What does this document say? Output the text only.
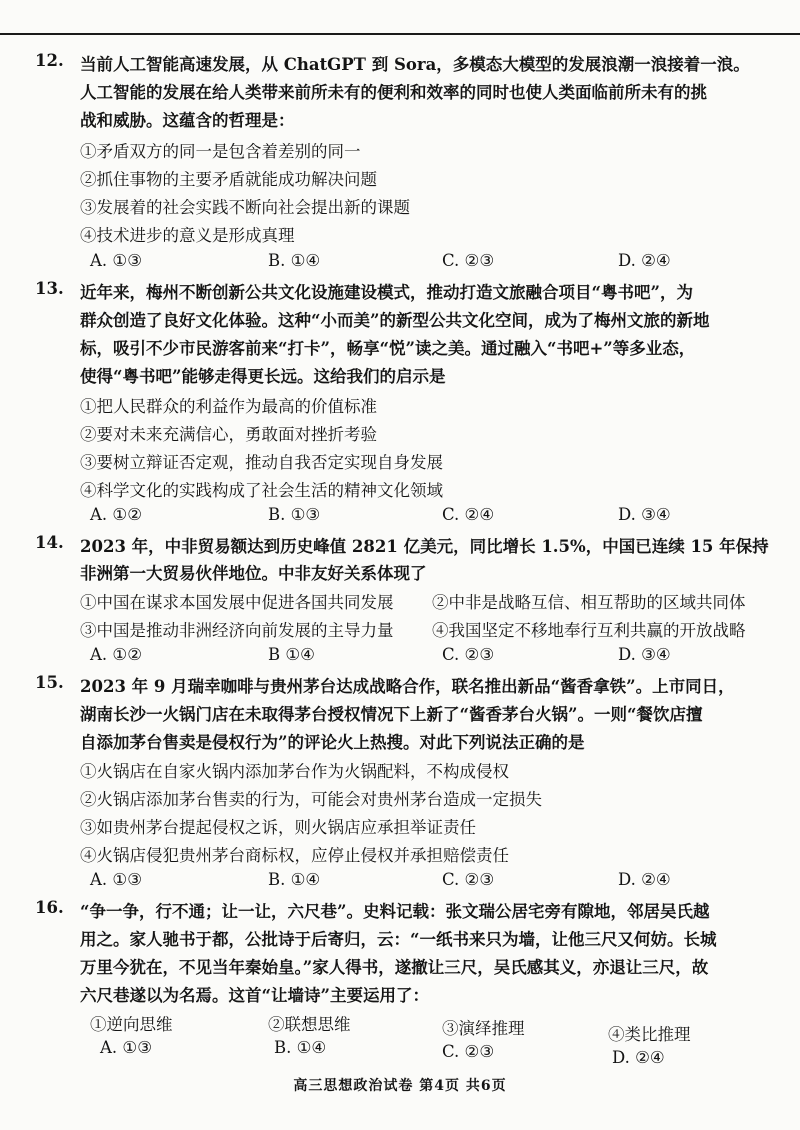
12. 当前人工智能高速发展，从 ChatGPT 到 Sora，多模态大模型的发展浪潮一浪接着一浪。
人工智能的发展在给人类带来前所未有的便利和效率的同时也使人类面临前所未有的挑
战和威胁。这蕴含的哲理是：
①矛盾双方的同一是包含着差别的同一
②抓住事物的主要矛盾就能成功解决问题
③发展着的社会实践不断向社会提出新的课题
④技术进步的意义是形成真理
A. ①③	B. ①④	C. ②③	D. ②④
13. 近年来，梅州不断创新公共文化设施建设模式，推动打造文旅融合项目“粤书吧”，为
群众创造了良好文化体验。这种“小而美”的新型公共文化空间，成为了梅州文旅的新地
标，吸引不少市民游客前来“打卡”，畅享“悦”读之美。通过融入“书吧+”等多业态，
使得“粤书吧”能够走得更长远。这给我们的启示是
①把人民群众的利益作为最高的价值标准
②要对未来充满信心，勇敢面对挫折考验
③要树立辩证否定观，推动自我否定实现自身发展
④科学文化的实践构成了社会生活的精神文化领域
A. ①②	B. ①③	C. ②④	D. ③④
14. 2023 年，中非贸易额达到历史峰值 2821 亿美元，同比增长 1.5%，中国已连续 15 年保持
非洲第一大贸易伙伴地位。中非友好关系体现了
①中国在谋求本国发展中促进各国共同发展 ②中非是战略互信、相互帮助的区域共同体
③中国是推动非洲经济向前发展的主导力量 ④我国坚定不移地奉行互利共赢的开放战略
A. ①②	B ①④	C. ②③	D. ③④
15. 2023 年 9 月瑞幸咖啡与贵州茅台达成战略合作，联名推出新品“酱香拿铁”。上市同日，
湖南长沙一火锅门店在未取得茅台授权情况下上新了“酱香茅台火锅”。一则“餐饮店擅
自添加茅台售卖是侵权行为”的评论火上热搜。对此下列说法正确的是
①火锅店在自家火锅内添加茅台作为火锅配料，不构成侵权
②火锅店添加茅台售卖的行为，可能会对贵州茅台造成一定损失
③如贵州茅台提起侵权之诉，则火锅店应承担举证责任
④火锅店侵犯贵州茅台商标权，应停止侵权并承担赔偿责任
A. ①③	B. ①④	C. ②③	D. ②④
16. “争一争，行不通；让一让，六尺巷”。史料记载：张文瑞公居宅旁有隙地，邻居吴氏越
用之。家人驰书于都，公批诗于后寄归，云：“一纸书来只为墙，让他三尺又何妨。长城
万里今犹在，不见当年秦始皇。”家人得书，遂撤让三尺，吴氏感其义，亦退让三尺，故
六尺巷遂以为名焉。这首“让墙诗”主要运用了：
①逆向思维	②联想思维	③演绎推理	④类比推理
A. ①③	B. ①④	C. ②③	D. ②④
高三思想政治试卷 第4页 共6页
